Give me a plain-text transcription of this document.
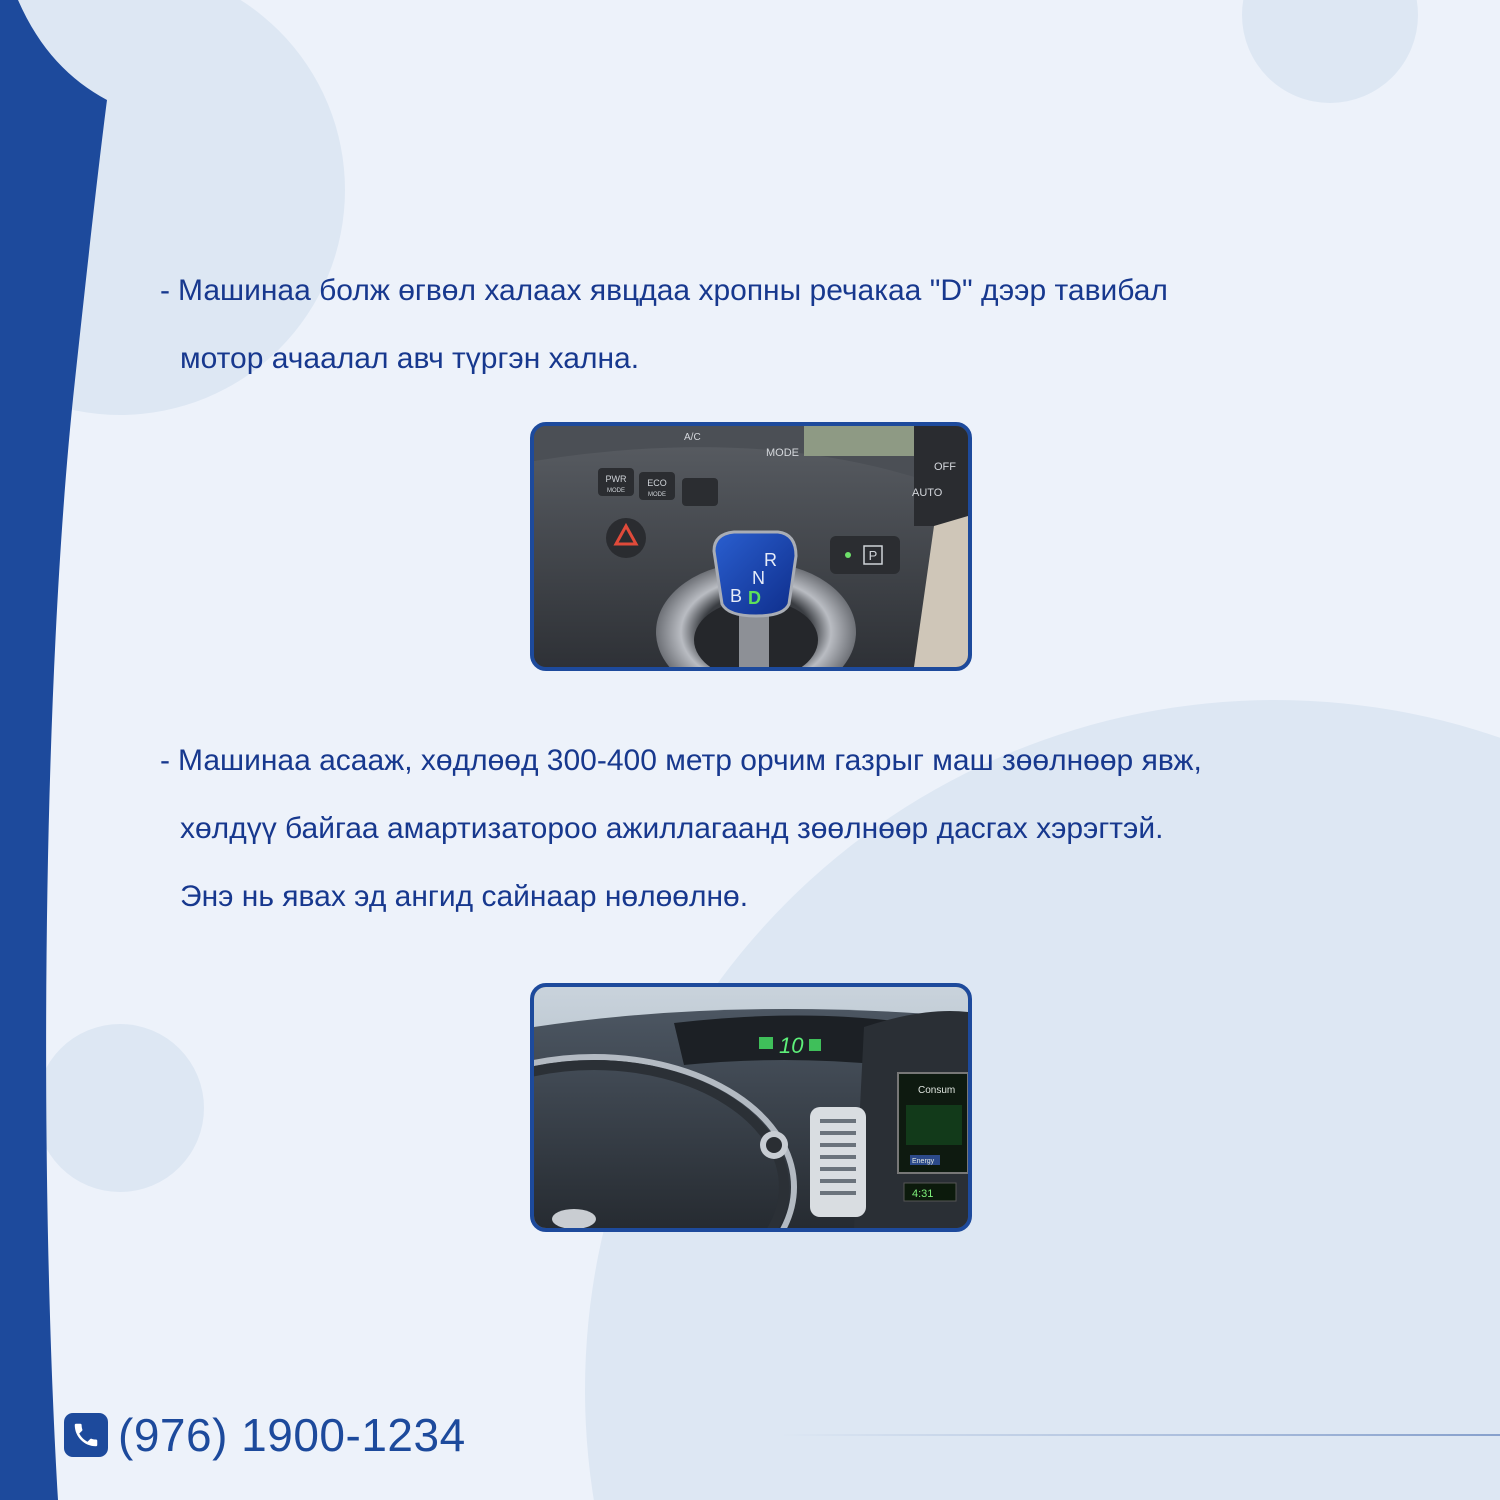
- Машинаа болж өгвөл халаах явцдаа хропны речакаа "D" дээр тавибал
мотор ачаалал авч түргэн хална.

PWR
MODE
ECO
MODE
A/C
MODE
OFF
AUTO
P
R
N
B D

- Машинаа асааж, хөдлөөд 300-400 метр орчим газрыг маш зөөлнөөр явж,
хөлдүү байгаа амартизатороо ажиллагаанд зөөлнөөр дасгах хэрэгтэй.
Энэ нь явах эд ангид сайнаар нөлөөлнө.

10
Consum
Energy
4:31
(976) 1900-1234
